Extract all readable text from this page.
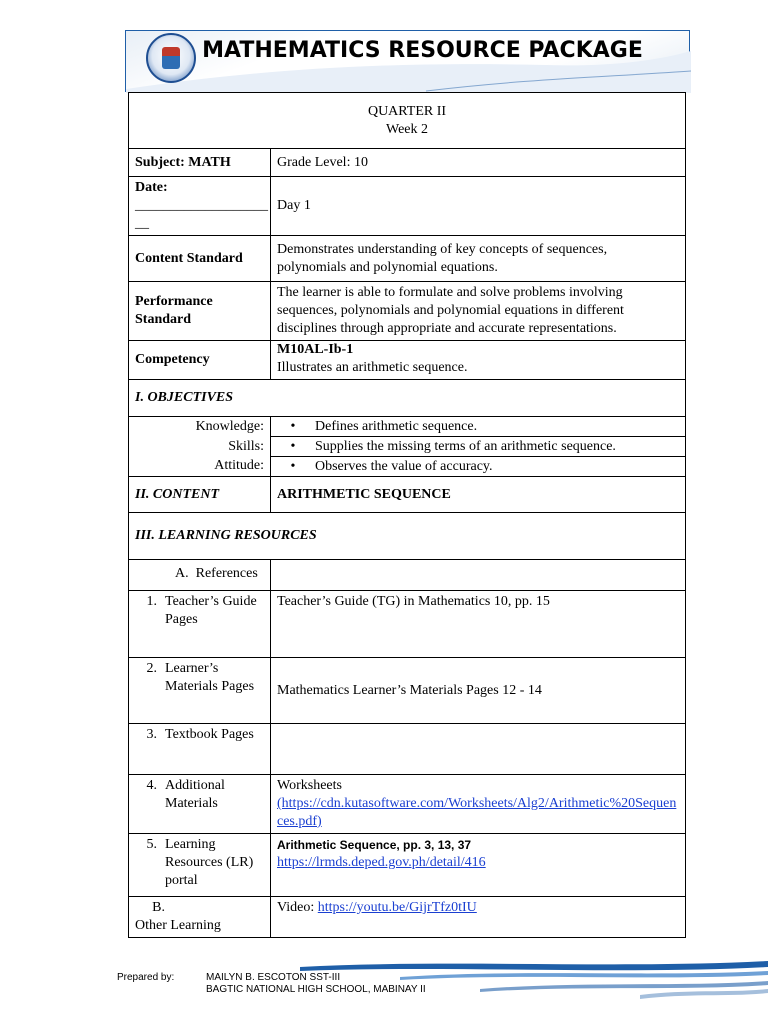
MATHEMATICS RESOURCE PACKAGE
QUARTER II
Week 2	

Subject: MATH	Grade Level: 10

Date:
___________________
__	Day 1
Content Standard	Demonstrates understanding of key concepts of sequences, polynomials and polynomial equations.
Performance Standard	The learner is able to formulate and solve problems involving sequences, polynomials and polynomial equations in different disciplines through appropriate and accurate representations.
Competency	M10AL-Ib-1
Illustrates an arithmetic sequence.

I. OBJECTIVES	
Knowledge:	• Defines arithmetic sequence.
Skills:	• Supplies the missing terms of an arithmetic sequence.
Attitude:	• Observes the value of accuracy.
II. CONTENT	ARITHMETIC SEQUENCE
III. LEARNING RESOURCES	
A. References	
1. Teacher’s Guide Pages	Teacher’s Guide (TG) in Mathematics 10, pp. 15
2. Learner’s Materials Pages	Mathematics Learner’s Materials Pages 12 - 14
3. Textbook Pages	
4. Additional Materials	Worksheets
(https://cdn.kutasoftware.com/Worksheets/Alg2/Arithmetic%20Sequences.pdf)

5. Learning Resources (LR) portal	Arithmetic Sequence, pp. 3, 13, 37
https://lrmds.deped.gov.ph/detail/416

B.Other Learning	Video: https://youtu.be/GijrTfz0tIU
Prepared by:	MAILYN B. ESCOTON SST-III
BAGTIC NATIONAL HIGH SCHOOL, MABINAY II
